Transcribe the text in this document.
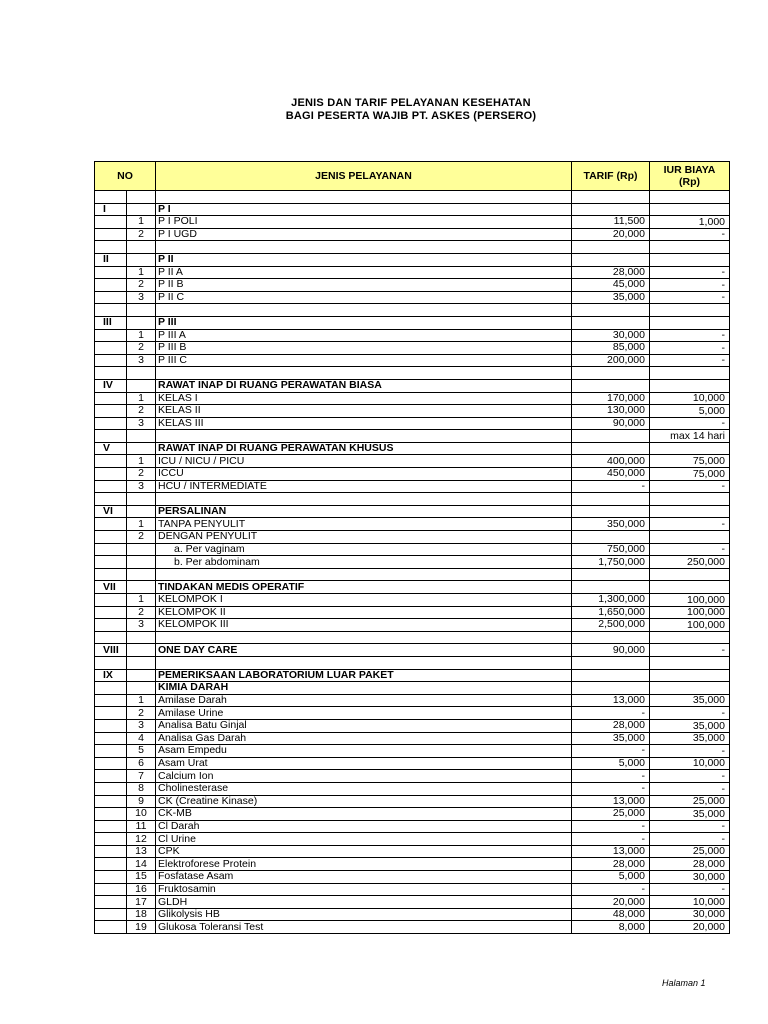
JENIS DAN TARIF PELAYANAN KESEHATAN
BAGI PESERTA WAJIB PT. ASKES (PERSERO)
NO		JENIS PELAYANAN	TARIF (Rp)	IUR BIAYA
(Rp)

I		P I		
	1	P I POLI	11,500	1,000
	2	P I UGD	20,000	-

II		P II		
	1	P II A	28,000	-
	2	P II B	45,000	-
	3	P II C	35,000	-

III		P III		
	1	P III A	30,000	-
	2	P III B	85,000	-
	3	P III C	200,000	-

IV		RAWAT INAP DI RUANG PERAWATAN BIASA		
	1	KELAS I	170,000	10,000
	2	KELAS II	130,000	5,000
	3	KELAS III	90,000	-
				max 14 hari
V		RAWAT INAP DI RUANG PERAWATAN KHUSUS		
	1	ICU / NICU / PICU	400,000	75,000
	2	ICCU	450,000	75,000
	3	HCU / INTERMEDIATE	-	-

VI		PERSALINAN		
	1	TANPA PENYULIT	350,000	-
	2	DENGAN PENYULIT		
		a. Per vaginam	750,000	-
		b. Per abdominam	1,750,000	250,000

VII		TINDAKAN MEDIS OPERATIF		
	1	KELOMPOK I	1,300,000	100,000
	2	KELOMPOK II	1,650,000	100,000
	3	KELOMPOK III	2,500,000	100,000

VIII		ONE DAY CARE	90,000	-

IX		PEMERIKSAAN LABORATORIUM LUAR PAKET		
		KIMIA DARAH		
	1	Amilase Darah	13,000	35,000
	2	Amilase Urine	-	-
	3	Analisa Batu Ginjal	28,000	35,000
	4	Analisa Gas Darah	35,000	35,000
	5	Asam Empedu	-	-
	6	Asam Urat	5,000	10,000
	7	Calcium Ion	-	-
	8	Cholinesterase	-	-
	9	CK (Creatine Kinase)	13,000	25,000
	10	CK-MB	25,000	35,000
	11	Cl Darah	-	-
	12	Cl Urine	-	-
	13	CPK	13,000	25,000
	14	Elektroforese Protein	28,000	28,000
	15	Fosfatase Asam	5,000	30,000
	16	Fruktosamin	-	-
	17	GLDH	20,000	10,000
	18	Glikolysis HB	48,000	30,000
	19	Glukosa Toleransi Test	8,000	20,000
Halaman 1
